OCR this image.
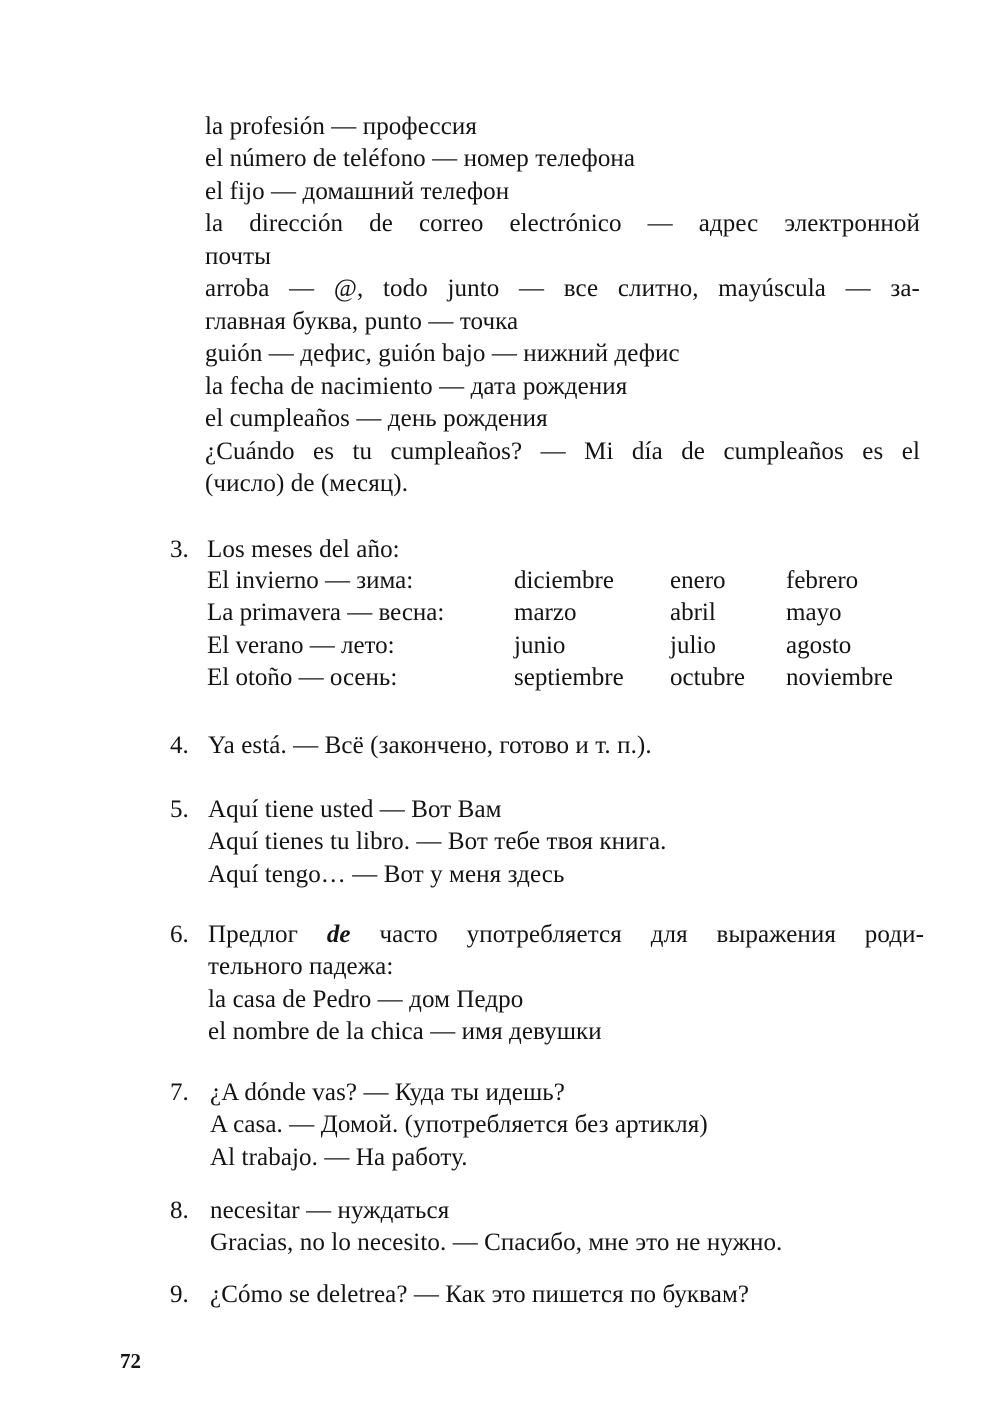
la profesión — профессия
el número de teléfono — номер телефона
el fijo — домашний телефон
la dirección de correo electrónico — адрес электронной
почты
arroba — @, todo junto — все слитно, mayúscula — за-
главная буква, punto — точка
guión — дефис, guión bajo — нижний дефис
la fecha de nacimiento — дата рождения
el cumpleaños — день рождения
¿Cuándo es tu cumpleaños? — Mi día de cumpleaños es el
(число) de (месяц).
3. Los meses del año:
El invierno — зима:	diciembre enero febrero
La primavera — весна:	marzo	abril	mayo
El verano — лето:	junio	julio	agosto
El otoño — осень:	septiembre octubre noviembre
4. Ya está. — Всё (закончено, готово и т. п.).
5. Aquí tiene usted — Вот Вам
Aquí tienes tu libro. — Вот тебе твоя книга.
Aquí tengo… — Вот у меня здесь
6. Предлог de часто употребляется для выражения роди-
тельного падежа:
la casa de Pedro — дом Педро
el nombre de la chica — имя девушки
7. ¿A dónde vas? — Куда ты идешь?
A casa. — Домой. (употребляется без артикля)
Al trabajo. — На работу.
8. necesitar — нуждаться
Gracias, no lo necesito. — Спасибо, мне это не нужно.
9. ¿Cómo se deletrea? — Как это пишется по буквам?
72
